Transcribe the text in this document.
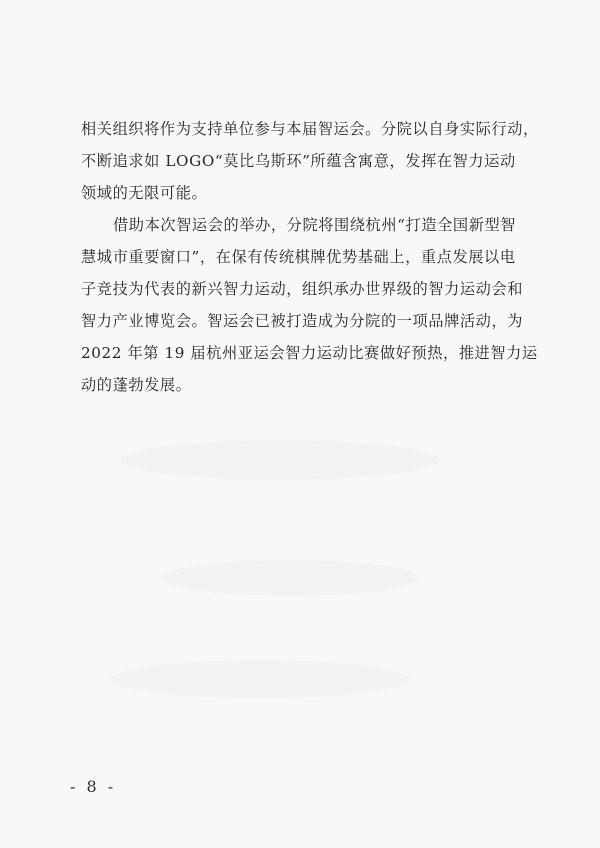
相关组织将作为支持单位参与本届智运会。分院以自身实际行动，
不断追求如 LOGO“莫比乌斯环”所蕴含寓意，发挥在智力运动
领域的无限可能。
借助本次智运会的举办，分院将围绕杭州“打造全国新型智
慧城市重要窗口”，在保有传统棋牌优势基础上，重点发展以电
子竞技为代表的新兴智力运动，组织承办世界级的智力运动会和
智力产业博览会。智运会已被打造成为分院的一项品牌活动，为
2022 年第 19 届杭州亚运会智力运动比赛做好预热，推进智力运
动的蓬勃发展。
- 8 -
